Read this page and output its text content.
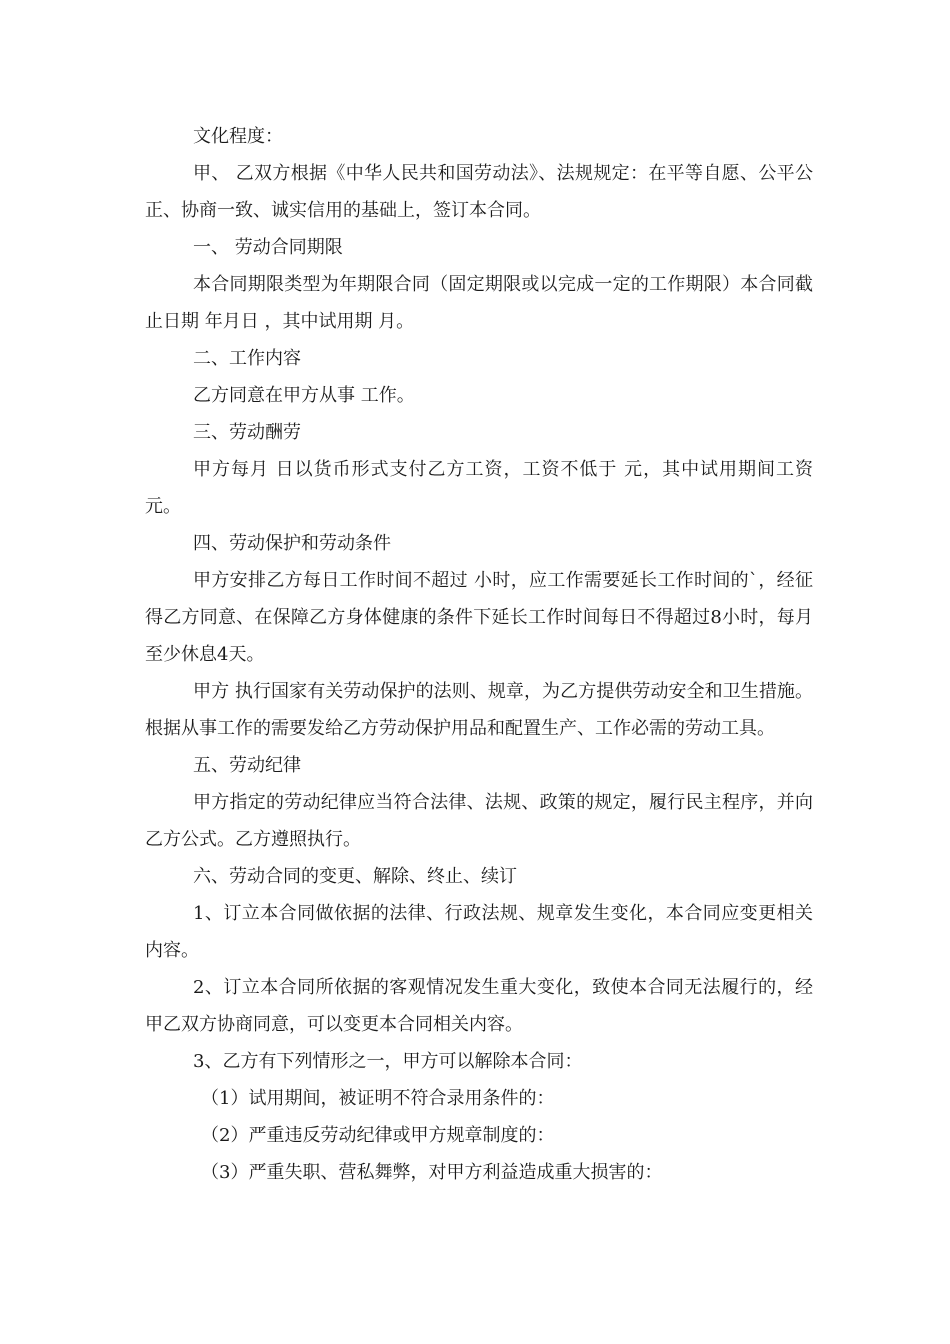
文化程度：

甲、 乙双方根据《中华人民共和国劳动法》、法规规定：在平等自愿、公平公正、协商一致、诚实信用的基础上，签订本合同。

一、 劳动合同期限

本合同期限类型为年期限合同（固定期限或以完成一定的工作期限）本合同截止日期 年月日 ，其中试用期 月。

二、工作内容

乙方同意在甲方从事 工作。

三、劳动酬劳

甲方每月 日以货币形式支付乙方工资，工资不低于 元，其中试用期间工资 元。

四、劳动保护和劳动条件

甲方安排乙方每日工作时间不超过 小时，应工作需要延长工作时间的`，经征得乙方同意、在保障乙方身体健康的条件下延长工作时间每日不得超过8小时，每月至少休息4天。

甲方 执行国家有关劳动保护的法则、规章，为乙方提供劳动安全和卫生措施。根据从事工作的需要发给乙方劳动保护用品和配置生产、工作必需的劳动工具。

五、劳动纪律

甲方指定的劳动纪律应当符合法律、法规、政策的规定，履行民主程序，并向乙方公式。乙方遵照执行。

六、劳动合同的变更、解除、终止、续订

1、订立本合同做依据的法律、行政法规、规章发生变化，本合同应变更相关内容。

2、订立本合同所依据的客观情况发生重大变化，致使本合同无法履行的，经甲乙双方协商同意，可以变更本合同相关内容。

3、乙方有下列情形之一，甲方可以解除本合同：

（1）试用期间，被证明不符合录用条件的：

（2）严重违反劳动纪律或甲方规章制度的：

（3）严重失职、营私舞弊，对甲方利益造成重大损害的：
